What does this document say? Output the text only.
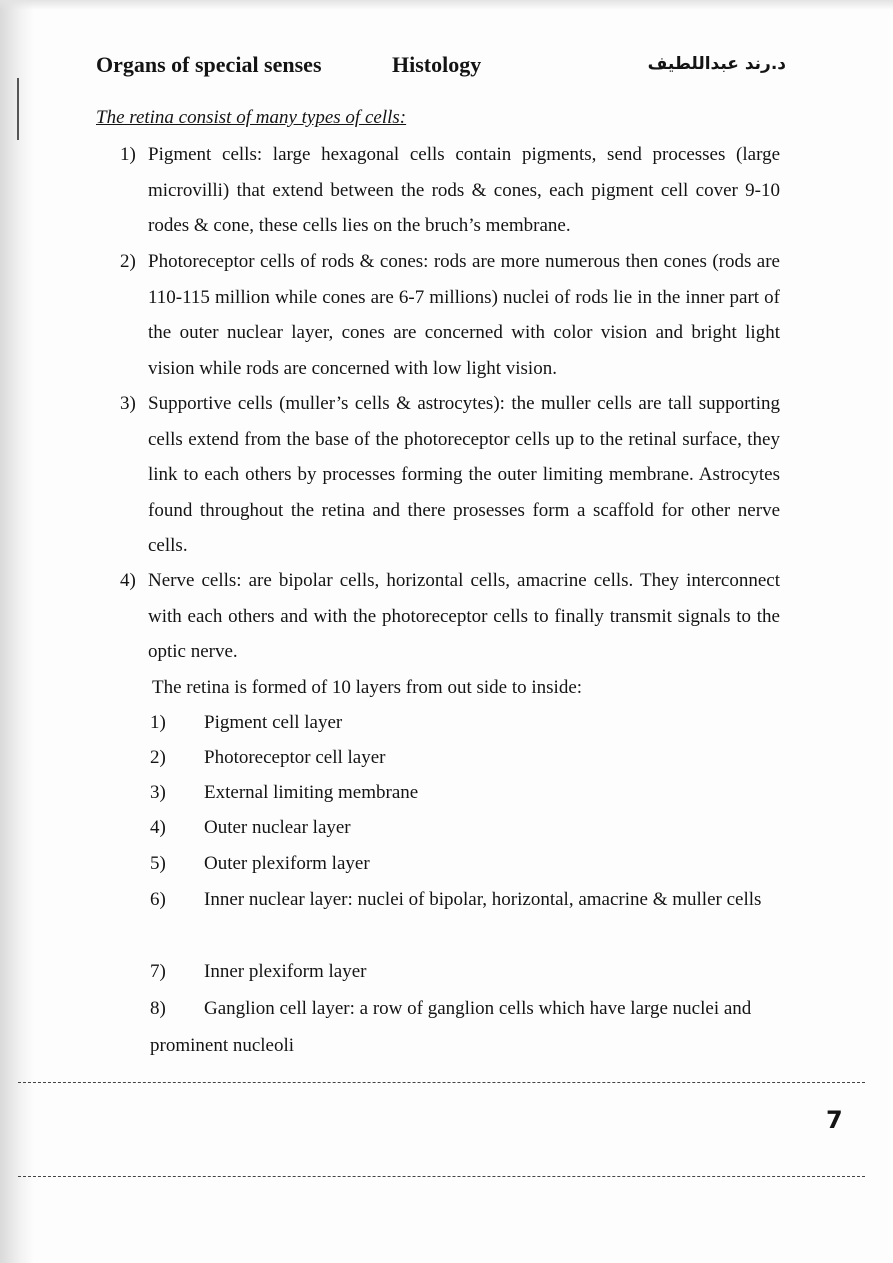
Organs of special senses	Histology	د.رند عبداللطيف
The retina consist of many types of cells:
1) Pigment cells: large hexagonal cells contain pigments, send processes (large microvilli) that extend between the rods & cones, each pigment cell cover 9-10 rodes & cone, these cells lies on the bruch’s membrane.
2) Photoreceptor cells of rods & cones: rods are more numerous then cones (rods are 110-115 million while cones are 6-7 millions) nuclei of rods lie in the inner part of the outer nuclear layer, cones are concerned with color vision and bright light vision while rods are concerned with low light vision.
3) Supportive cells (muller’s cells & astrocytes): the muller cells are tall supporting cells extend from the base of the photoreceptor cells up to the retinal surface, they link to each others by processes forming the outer limiting membrane. Astrocytes found throughout the retina and there prosesses form a scaffold for other nerve cells.
4) Nerve cells: are bipolar cells, horizontal cells, amacrine cells. They interconnect with each others and with the photoreceptor cells to finally transmit signals to the optic nerve.
The retina is formed of 10 layers from out side to inside:
1)	Pigment cell layer
2)	Photoreceptor cell layer
3)	External limiting membrane
4)	Outer nuclear layer
5)	Outer plexiform layer
6)	Inner nuclear layer: nuclei of bipolar, horizontal, amacrine & muller cells
7)	Inner plexiform layer
8)	Ganglion cell layer: a row of ganglion cells which have large nuclei and prominent nucleoli
7
